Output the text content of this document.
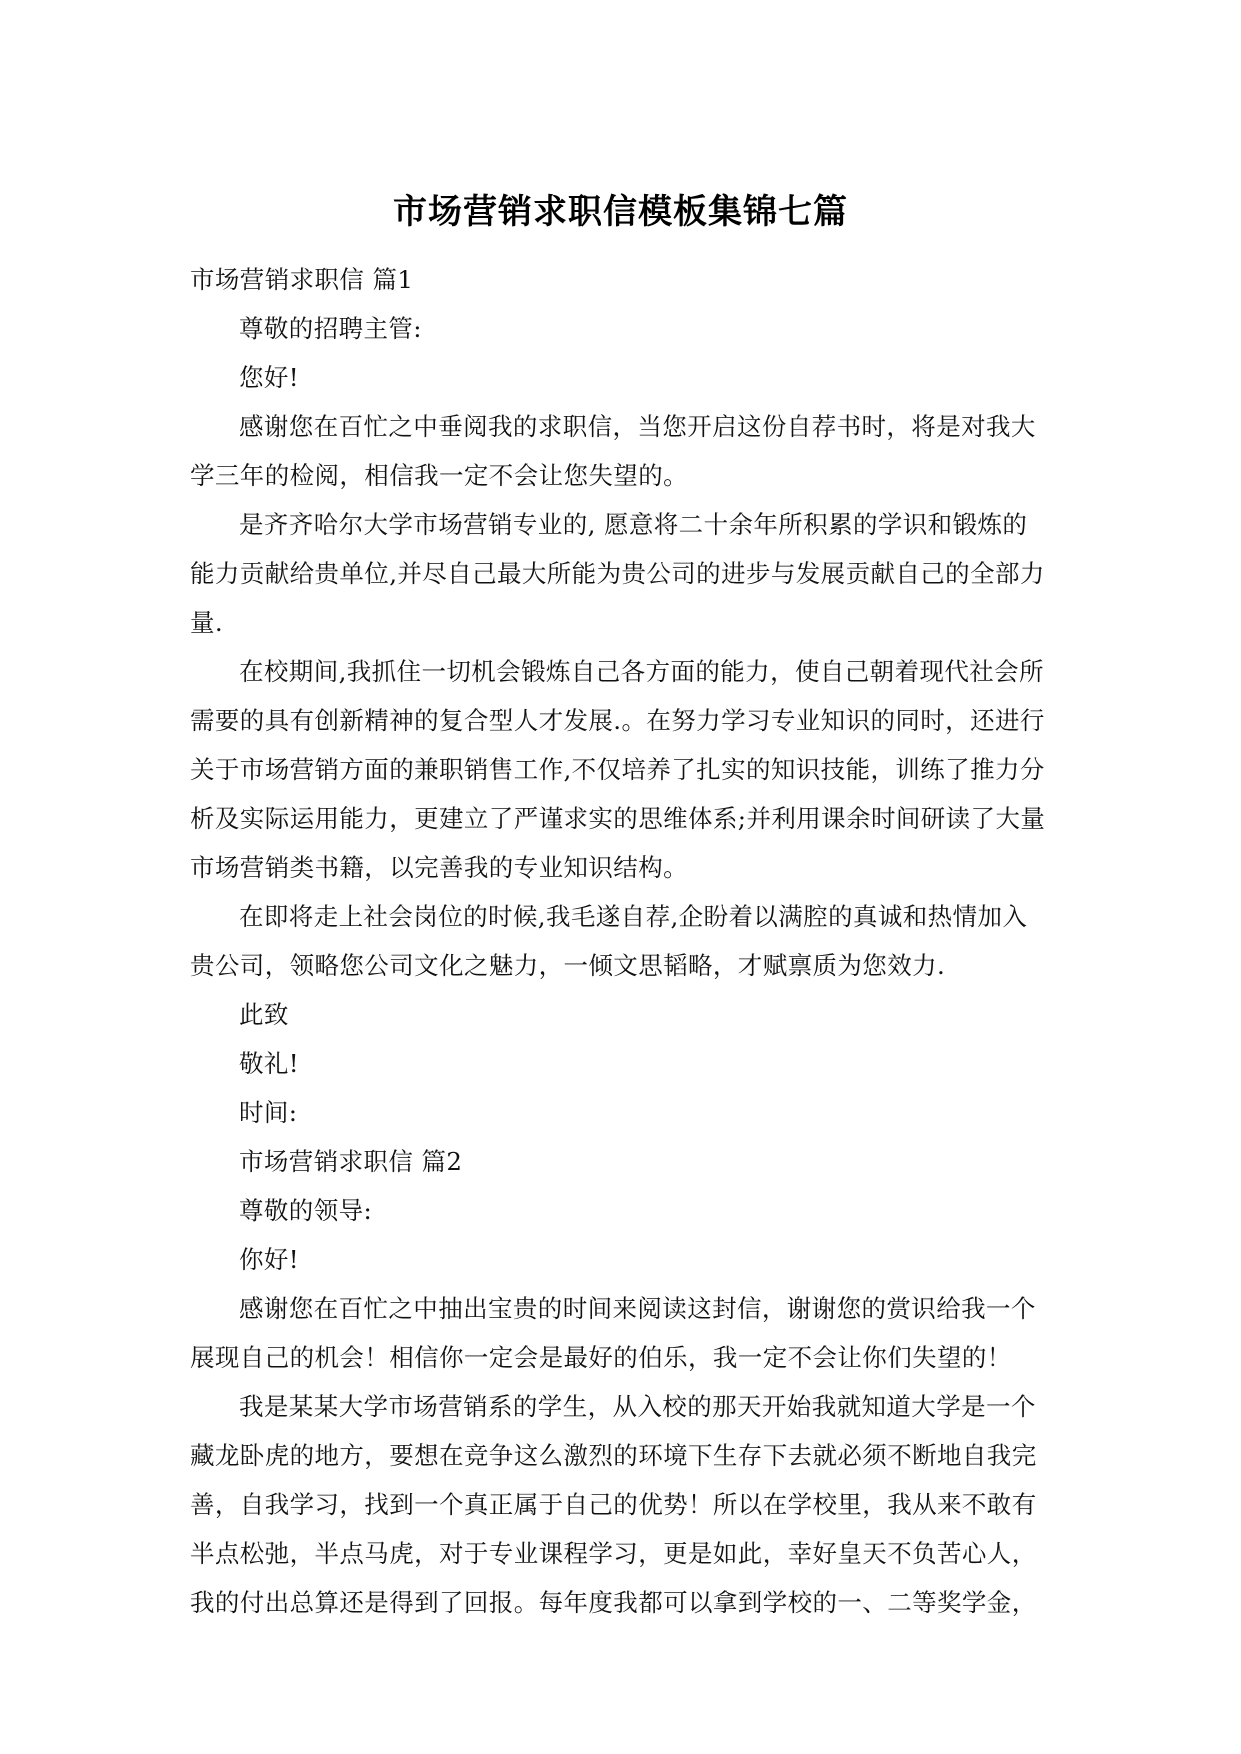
市场营销求职信模板集锦七篇

市场营销求职信 篇1

尊敬的招聘主管:

您好!

感谢您在百忙之中垂阅我的求职信，当您开启这份自荐书时，将是对我大学三年的检阅，相信我一定不会让您失望的。

是齐齐哈尔大学市场营销专业的, 愿意将二十余年所积累的学识和锻炼的能力贡献给贵单位,并尽自己最大所能为贵公司的进步与发展贡献自己的全部力量.

在校期间,我抓住一切机会锻炼自己各方面的能力，使自己朝着现代社会所需要的具有创新精神的复合型人才发展.。在努力学习专业知识的同时，还进行关于市场营销方面的兼职销售工作,不仅培养了扎实的知识技能，训练了推力分析及实际运用能力，更建立了严谨求实的思维体系;并利用课余时间研读了大量市场营销类书籍，以完善我的专业知识结构。

在即将走上社会岗位的时候,我毛遂自荐,企盼着以满腔的真诚和热情加入贵公司，领略您公司文化之魅力，一倾文思韬略，才赋禀质为您效力.

此致

敬礼!

时间:

市场营销求职信 篇2

尊敬的领导:

你好!

感谢您在百忙之中抽出宝贵的时间来阅读这封信，谢谢您的赏识给我一个展现自己的机会！相信你一定会是最好的伯乐，我一定不会让你们失望的！

我是某某大学市场营销系的学生，从入校的那天开始我就知道大学是一个藏龙卧虎的地方，要想在竞争这么激烈的环境下生存下去就必须不断地自我完善，自我学习，找到一个真正属于自己的优势！所以在学校里，我从来不敢有半点松弛，半点马虎，对于专业课程学习，更是如此，幸好皇天不负苦心人，我的付出总算还是得到了回报。每年度我都可以拿到学校的一、二等奖学金，
